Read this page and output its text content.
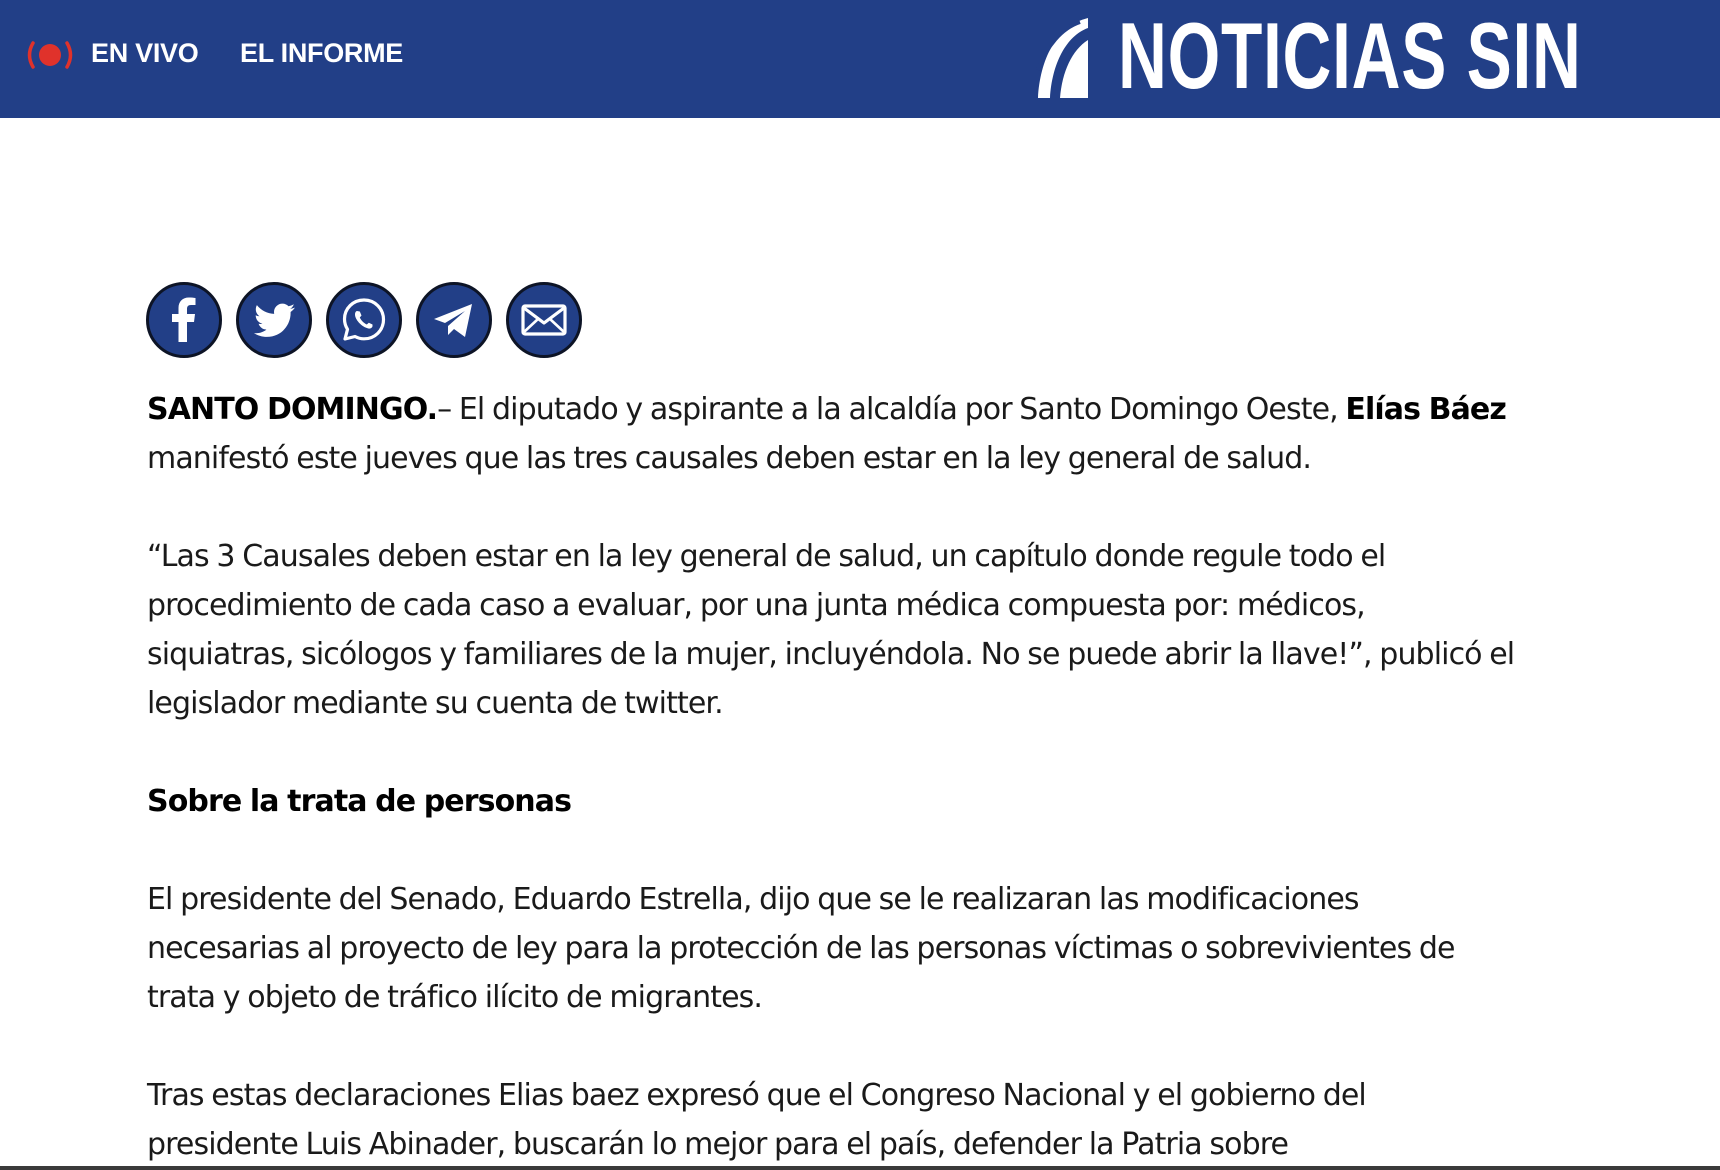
EN VIVO EL INFORME	NOTICIAS SIN

SANTO DOMINGO.– El diputado y aspirante a la alcaldía por Santo Domingo Oeste, Elías Báez manifestó este jueves que las tres causales deben estar en la ley general de salud.

“Las 3 Causales deben estar en la ley general de salud, un capítulo donde regule todo el procedimiento de cada caso a evaluar, por una junta médica compuesta por: médicos, siquiatras, sicólogos y familiares de la mujer, incluyéndola. No se puede abrir la llave!”, publicó el legislador mediante su cuenta de twitter.

Sobre la trata de personas

El presidente del Senado, Eduardo Estrella, dijo que se le realizaran las modificaciones necesarias al proyecto de ley para la protección de las personas víctimas o sobrevivientes de trata y objeto de tráfico ilícito de migrantes.

Tras estas declaraciones Elias baez expresó que el Congreso Nacional y el gobierno del presidente Luis Abinader, buscarán lo mejor para el país, defender la Patria sobre
